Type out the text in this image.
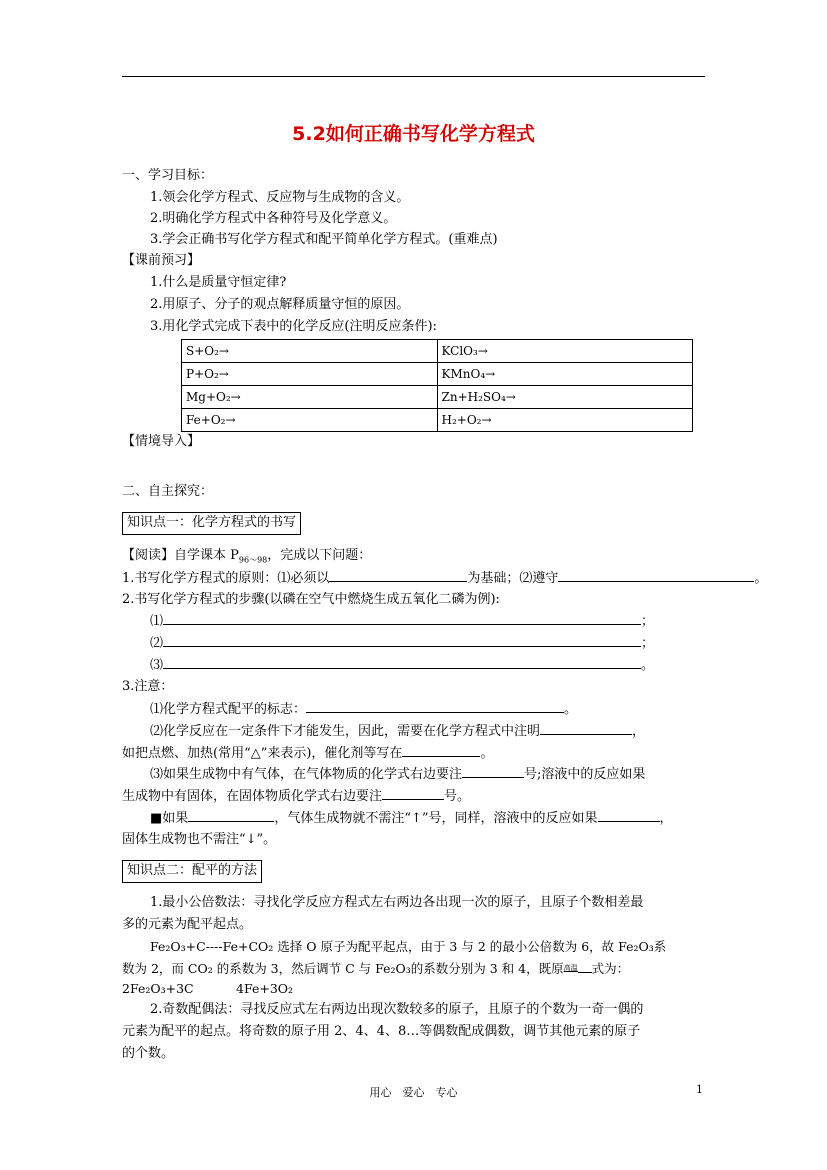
5.2如何正确书写化学方程式
一、学习目标：
1.领会化学方程式、反应物与生成物的含义。
2.明确化学方程式中各种符号及化学意义。
3.学会正确书写化学方程式和配平简单化学方程式。(重难点)
【课前预习】
1.什么是质量守恒定律?
2.用原子、分子的观点解释质量守恒的原因。
3.用化学式完成下表中的化学反应(注明反应条件):
S+O₂→	KClO₃→
P+O₂→	KMnO₄→
Mg+O₂→	Zn+H₂SO₄→
Fe+O₂→	H₂+O₂→
【情境导入】
二、自主探究：
知识点一：化学方程式的书写
【阅读】自学课本 $P_{96\sim 98}$，完成以下问题：
1.书写化学方程式的原则：⑴必须以	为基础；⑵遵守	。
2.书写化学方程式的步骤(以磷在空气中燃烧生成五氧化二磷为例):
⑴	；
⑵	；
⑶	。
3.注意：
⑴化学方程式配平的标志：	。
⑵化学反应在一定条件下才能发生，因此，需要在化学方程式中注明	，
如把点燃、加热(常用“△”来表示)，催化剂等写在	。
⑶如果生成物中有气体，在气体物质的化学式右边要注	号;溶液中的反应如果
生成物中有固体，在固体物质化学式右边要注	号。
■如果	，气体生成物就不需注“↑”号，同样，溶液中的反应如果	，
固体生成物也不需注“↓”。
知识点二：配平的方法
1.最小公倍数法：寻找化学反应方程式左右两边各出现一次的原子，且原子个数相差最
多的元素为配平起点。
Fe₂O₃+C----Fe+CO₂ 选择 O 原子为配平起点，由于 3 与 2 的最小公倍数为 6，故 Fe₂O₃系
数为 2，而 CO₂ 的系数为 3，然后调节 C 与 Fe₂O₃的系数分别为 3 和 4，既原$^{高温}$ 式为：
2Fe₂O₃+3C	4Fe+3O₂
2.奇数配偶法：寻找反应式左右两边出现次数较多的原子，且原子的个数为一奇一偶的
元素为配平的起点。将奇数的原子用 2、4、4、8…等偶数配成偶数，调节其他元素的原子
的个数。
用心　爱心　专心	1
